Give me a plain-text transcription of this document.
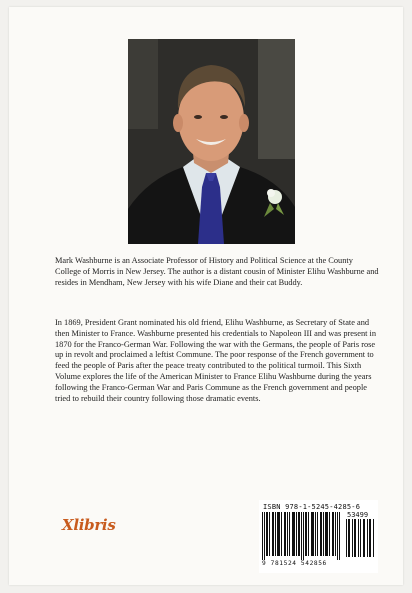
Mark Washburne is an Associate Professor of History and Political Science at the County College of Morris in New Jersey. The author is a distant cousin of Minister Elihu Washburne and resides in Mendham, New Jersey with his wife Diane and their cat Buddy.

In 1869, President Grant nominated his old friend, Elihu Washburne, as Secretary of State and then Minister to France. Washburne presented his credentials to Napoleon III and was present in 1870 for the Franco-German War. Following the war with the Germans, the people of Paris rose up in revolt and proclaimed a leftist Commune. The poor response of the French government to feed the people of Paris after the peace treaty contributed to the political turmoil. This Sixth Volume explores the life of the American Minister to France Elihu Washburne during the years following the Franco-German War and Paris Commune as the French government and people tried to rebuild their country following those dramatic events.

Xlibris
ISBN 978-1-5245-4285-6
53499
9 781524 542856
